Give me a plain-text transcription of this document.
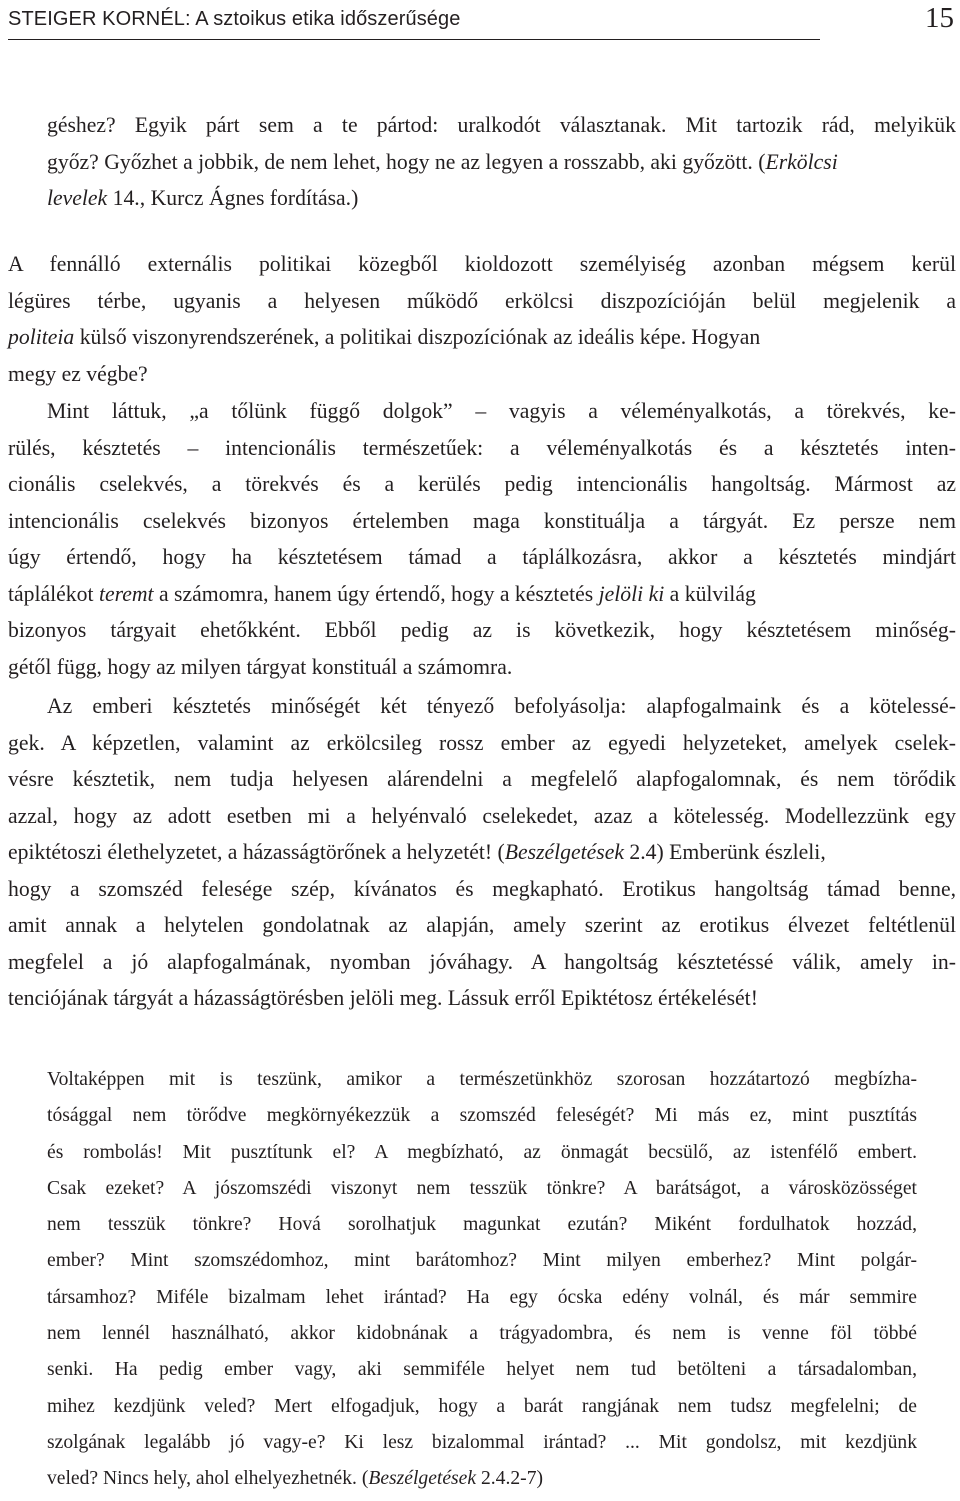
STEIGER KORNÉL: A sztoikus etika időszerűsége	15
géshez? Egyik párt sem a te pártod: uralkodót választanak. Mit tartozik rád, melyikük
győz? Győzhet a jobbik, de nem lehet, hogy ne az legyen a rosszabb, aki győzött. (Erkölcsi
levelek 14., Kurcz Ágnes fordítása.)
A fennálló externális politikai közegből kioldozott személyiség azonban mégsem kerül
légüres térbe, ugyanis a helyesen működő erkölcsi diszpozícióján belül megjelenik a
politeia külső viszonyrendszerének, a politikai diszpozíciónak az ideális képe. Hogyan
megy ez végbe?
Mint láttuk, „a tőlünk függő dolgok” – vagyis a véleményalkotás, a törekvés, ke-
rülés, késztetés – intencionális természetűek: a véleményalkotás és a késztetés inten-
cionális cselekvés, a törekvés és a kerülés pedig intencionális hangoltság. Mármost az
intencionális cselekvés bizonyos értelemben maga konstituálja a tárgyát. Ez persze nem
úgy értendő, hogy ha késztetésem támad a táplálkozásra, akkor a késztetés mindjárt
táplálékot teremt a számomra, hanem úgy értendő, hogy a késztetés jelöli ki a külvilág
bizonyos tárgyait ehetőkként. Ebből pedig az is következik, hogy késztetésem minőség-
gétől függ, hogy az milyen tárgyat konstituál a számomra.
Az emberi késztetés minőségét két tényező befolyásolja: alapfogalmaink és a kötelessé-
gek. A képzetlen, valamint az erkölcsileg rossz ember az egyedi helyzeteket, amelyek cselek-
vésre késztetik, nem tudja helyesen alárendelni a megfelelő alapfogalomnak, és nem törődik
azzal, hogy az adott esetben mi a helyénvaló cselekedet, azaz a kötelesség. Modellezzünk egy
epiktétoszi élethelyzetet, a házasságtörőnek a helyzetét! (Beszélgetések 2.4) Emberünk észleli,
hogy a szomszéd felesége szép, kívánatos és megkapható. Erotikus hangoltság támad benne,
amit annak a helytelen gondolatnak az alapján, amely szerint az erotikus élvezet feltétlenül
megfelel a jó alapfogalmának, nyomban jóváhagy. A hangoltság késztetéssé válik, amely in-
tenciójának tárgyát a házasságtörésben jelöli meg. Lássuk erről Epiktétosz értékelését!
Voltaképpen mit is teszünk, amikor a természetünkhöz szorosan hozzátartozó megbízha-
tósággal nem törődve megkörnyékezzük a szomszéd feleségét? Mi más ez, mint pusztítás
és rombolás! Mit pusztítunk el? A megbízható, az önmagát becsülő, az istenfélő embert.
Csak ezeket? A jószomszédi viszonyt nem tesszük tönkre? A barátságot, a városközösséget
nem tesszük tönkre? Hová sorolhatjuk magunkat ezután? Miként fordulhatok hozzád,
ember? Mint szomszédomhoz, mint barátomhoz? Mint milyen emberhez? Mint polgár-
társamhoz? Miféle bizalmam lehet irántad? Ha egy ócska edény volnál, és már semmire
nem lennél használható, akkor kidobnának a trágyadombra, és nem is venne föl többé
senki. Ha pedig ember vagy, aki semmiféle helyet nem tud betölteni a társadalomban,
mihez kezdjünk veled? Mert elfogadjuk, hogy a barát rangjának nem tudsz megfelelni; de
szolgának legalább jó vagy-e? Ki lesz bizalommal irántad? ... Mit gondolsz, mit kezdjünk
veled? Nincs hely, ahol elhelyezhetnék. (Beszélgetések 2.4.2-7)
